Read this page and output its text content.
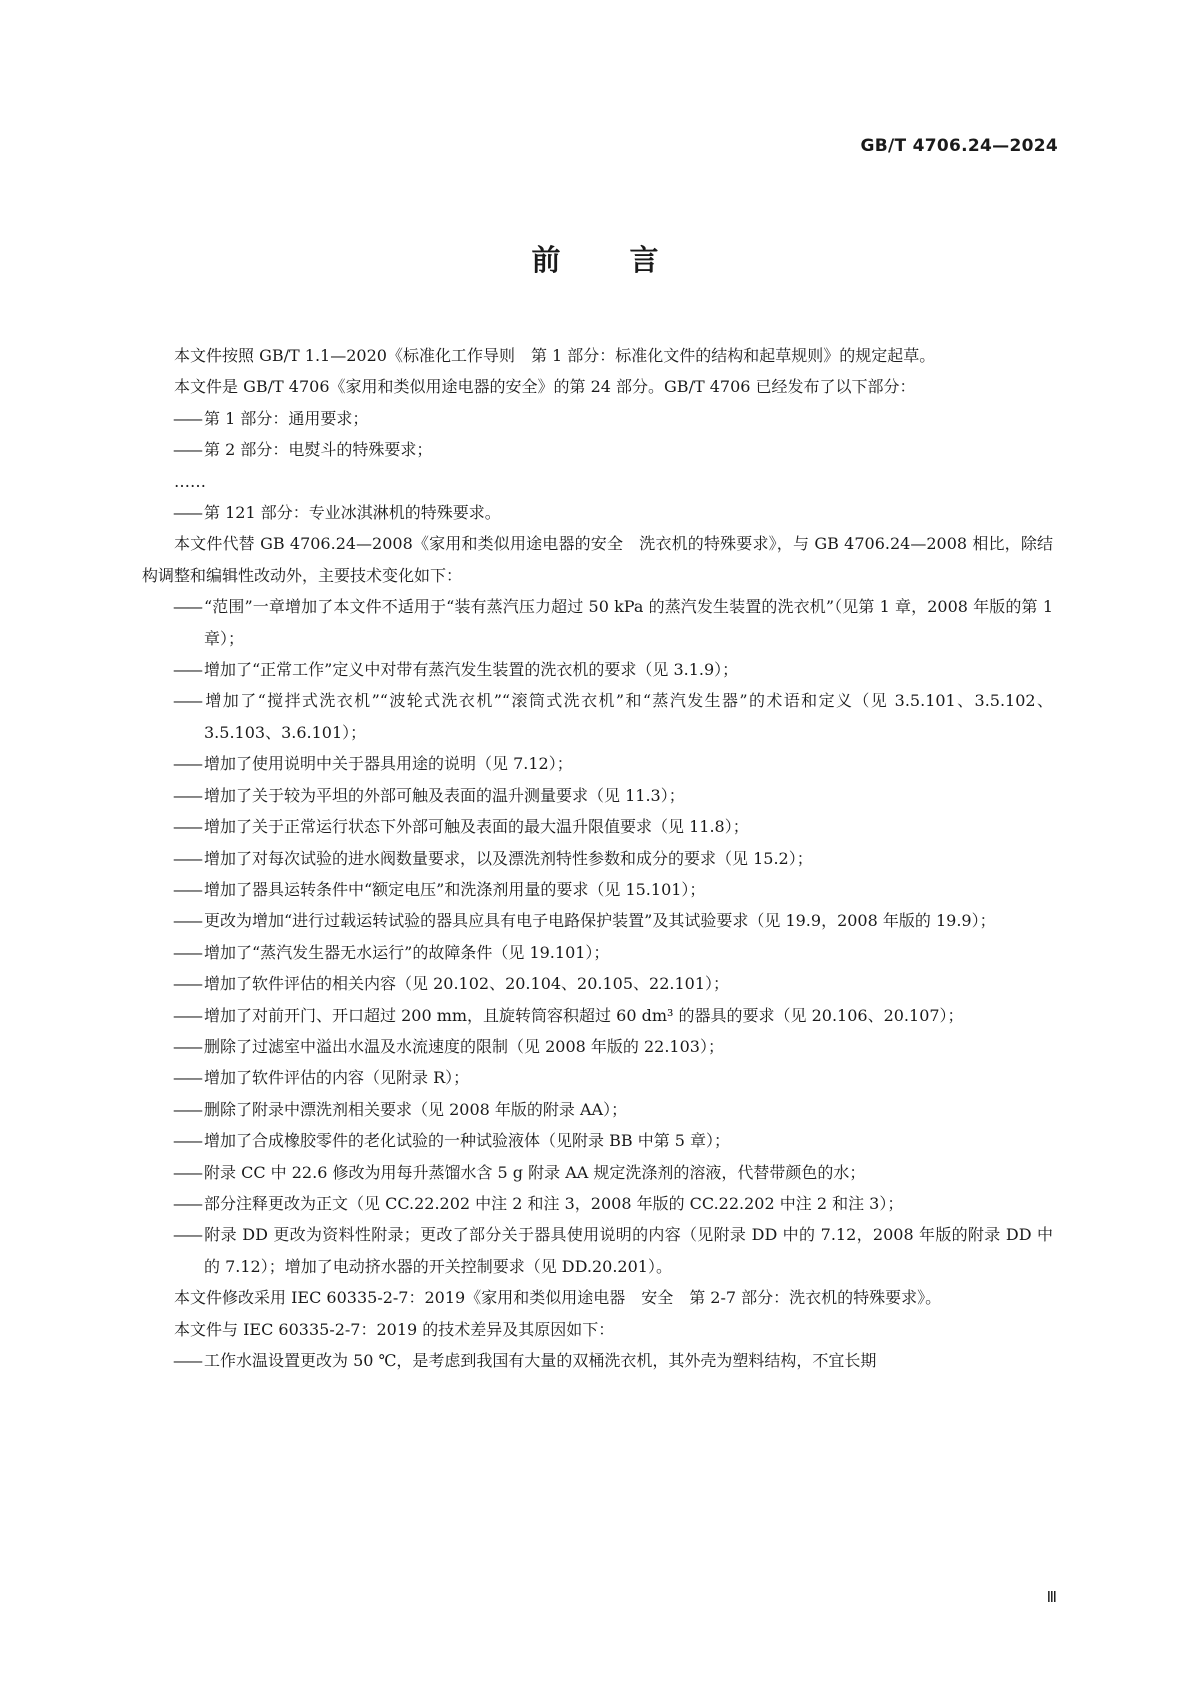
GB/T 4706.24—2024
前 言

本文件按照 GB/T 1.1—2020《标准化工作导则　第 1 部分：标准化文件的结构和起草规则》的规定起草。

本文件是 GB/T 4706《家用和类似用途电器的安全》的第 24 部分。GB/T 4706 已经发布了以下部分：

—— 第 1 部分：通用要求；

—— 第 2 部分：电熨斗的特殊要求；

……

—— 第 121 部分：专业冰淇淋机的特殊要求。

本文件代替 GB 4706.24—2008《家用和类似用途电器的安全　洗衣机的特殊要求》，与 GB 4706.24—2008 相比，除结构调整和编辑性改动外，主要技术变化如下：

—— “范围”一章增加了本文件不适用于“装有蒸汽压力超过 50 kPa 的蒸汽发生装置的洗衣机”（见第 1 章，2008 年版的第 1 章）；

—— 增加了“正常工作”定义中对带有蒸汽发生装置的洗衣机的要求（见 3.1.9）；

—— 增加了“搅拌式洗衣机”“波轮式洗衣机”“滚筒式洗衣机”和“蒸汽发生器”的术语和定义（见 3.5.101、3.5.102、3.5.103、3.6.101）；

—— 增加了使用说明中关于器具用途的说明（见 7.12）；

—— 增加了关于较为平坦的外部可触及表面的温升测量要求（见 11.3）；

—— 增加了关于正常运行状态下外部可触及表面的最大温升限值要求（见 11.8）；

—— 增加了对每次试验的进水阀数量要求，以及漂洗剂特性参数和成分的要求（见 15.2）；

—— 增加了器具运转条件中“额定电压”和洗涤剂用量的要求（见 15.101）；

—— 更改为增加“进行过载运转试验的器具应具有电子电路保护装置”及其试验要求（见 19.9，2008 年版的 19.9）；

—— 增加了“蒸汽发生器无水运行”的故障条件（见 19.101）；

—— 增加了软件评估的相关内容（见 20.102、20.104、20.105、22.101）；

—— 增加了对前开门、开口超过 200 mm，且旋转筒容积超过 60 dm³ 的器具的要求（见 20.106、20.107）；

—— 删除了过滤室中溢出水温及水流速度的限制（见 2008 年版的 22.103）；

—— 增加了软件评估的内容（见附录 R）；

—— 删除了附录中漂洗剂相关要求（见 2008 年版的附录 AA）；

—— 增加了合成橡胶零件的老化试验的一种试验液体（见附录 BB 中第 5 章）；

—— 附录 CC 中 22.6 修改为用每升蒸馏水含 5 g 附录 AA 规定洗涤剂的溶液，代替带颜色的水；

—— 部分注释更改为正文（见 CC.22.202 中注 2 和注 3，2008 年版的 CC.22.202 中注 2 和注 3）；

—— 附录 DD 更改为资料性附录；更改了部分关于器具使用说明的内容（见附录 DD 中的 7.12，2008 年版的附录 DD 中的 7.12）；增加了电动挤水器的开关控制要求（见 DD.20.201）。

本文件修改采用 IEC 60335-2-7：2019《家用和类似用途电器　安全　第 2-7 部分：洗衣机的特殊要求》。

本文件与 IEC 60335-2-7：2019 的技术差异及其原因如下：

—— 工作水温设置更改为 50 ℃，是考虑到我国有大量的双桶洗衣机，其外壳为塑料结构，不宜长期

Ⅲ
